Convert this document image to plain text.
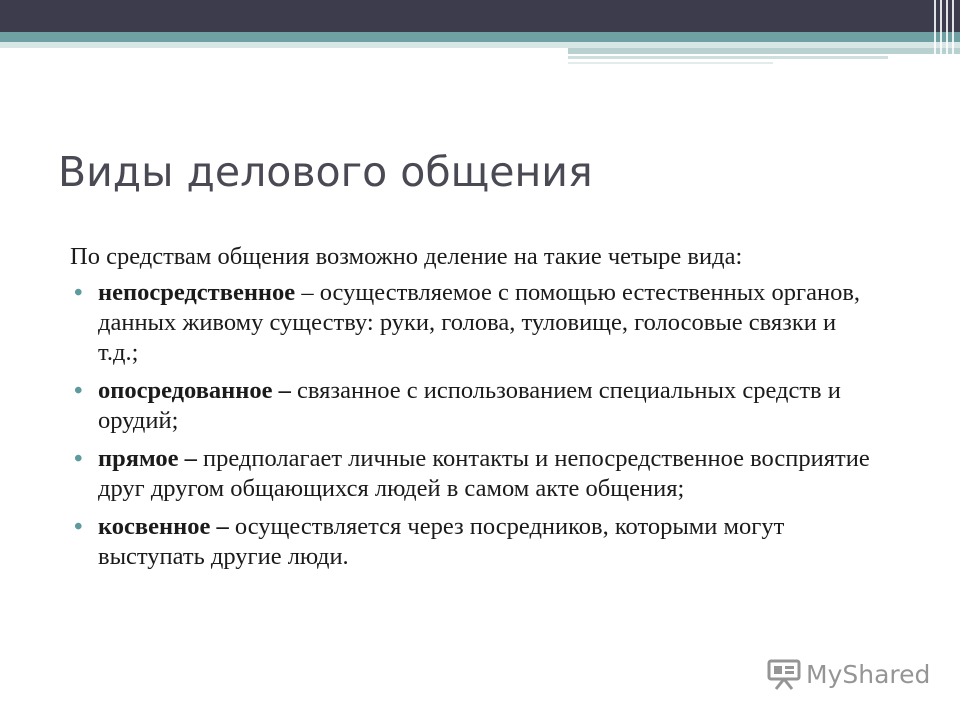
Виды делового общения

По средствам общения возможно деление на такие четыре вида:

• непосредственное – осуществляемое с помощью естественных органов, данных живому существу: руки, голова, туловище, голосовые связки и т.д.;
• опосредованное – связанное с использованием специальных средств и орудий;
• прямое – предполагает личные контакты и непосредственное восприятие друг другом общающихся людей в самом акте общения;
• косвенное – осуществляется через посредников, которыми могут выступать другие люди.
MyShared
